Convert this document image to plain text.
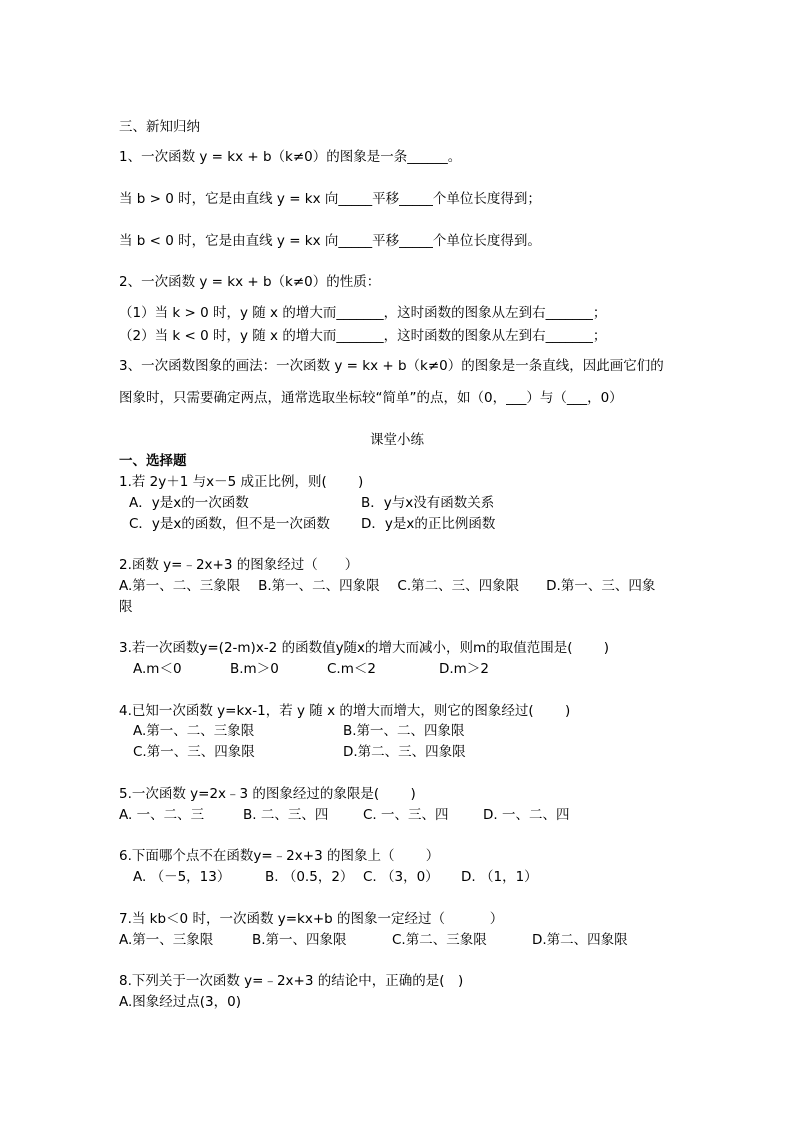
三、新知归纳
1、一次函数 y = kx + b（k≠0）的图象是一条______。
当 b > 0 时，它是由直线 y = kx 向_____平移_____个单位长度得到；
当 b < 0 时，它是由直线 y = kx 向_____平移_____个单位长度得到。
2、一次函数 y = kx + b（k≠0）的性质：
（1）当 k > 0 时，y 随 x 的增大而_______，这时函数的图象从左到右_______；
（2）当 k < 0 时，y 随 x 的增大而_______，这时函数的图象从左到右_______；
3、一次函数图象的画法：一次函数 y = kx + b（k≠0）的图象是一条直线，因此画它们的
图象时，只需要确定两点，通常选取坐标较“简单”的点，如（0，___）与（___，0）
课堂小练
一、选择题
1.若 2y＋1 与x－5 成正比例，则(　　 )
A．y是x的一次函数	B．y与x没有函数关系
C．y是x的函数，但不是一次函数 D．y是x的正比例函数
2.函数 y=﹣2x+3 的图象经过（　　）
A.第一、二、三象限　 B.第一、二、四象限　 C.第二、三、四象限　　D.第一、三、四象
限
3.若一次函数y=(2-m)x-2 的函数值y随x的增大而减小，则m的取值范围是(　　 )
A.m＜0	B.m＞0	C.m＜2	D.m＞2
4.已知一次函数 y=kx-1，若 y 随 x 的增大而增大，则它的图象经过(　　 )
A.第一、二、三象限	B.第一、二、四象限
C.第一、三、四象限	D.第二、三、四象限
5.一次函数 y=2x﹣3 的图象经过的象限是(　　 )
A. 一、二、三	B. 二、三、四	C. 一、三、四	D. 一、二、四
6.下面哪个点不在函数y=﹣2x+3 的图象上（　　 ）
A. （－5，13）	B. （0.5，2） C. （3，0） D. （1，1）
7.当 kb＜0 时，一次函数 y=kx+b 的图象一定经过（　　 　）
A.第一、三象限	B.第一、四象限	C.第二、三象限	D.第二、四象限
8.下列关于一次函数 y=﹣2x+3 的结论中，正确的是(　)
A.图象经过点(3，0)
